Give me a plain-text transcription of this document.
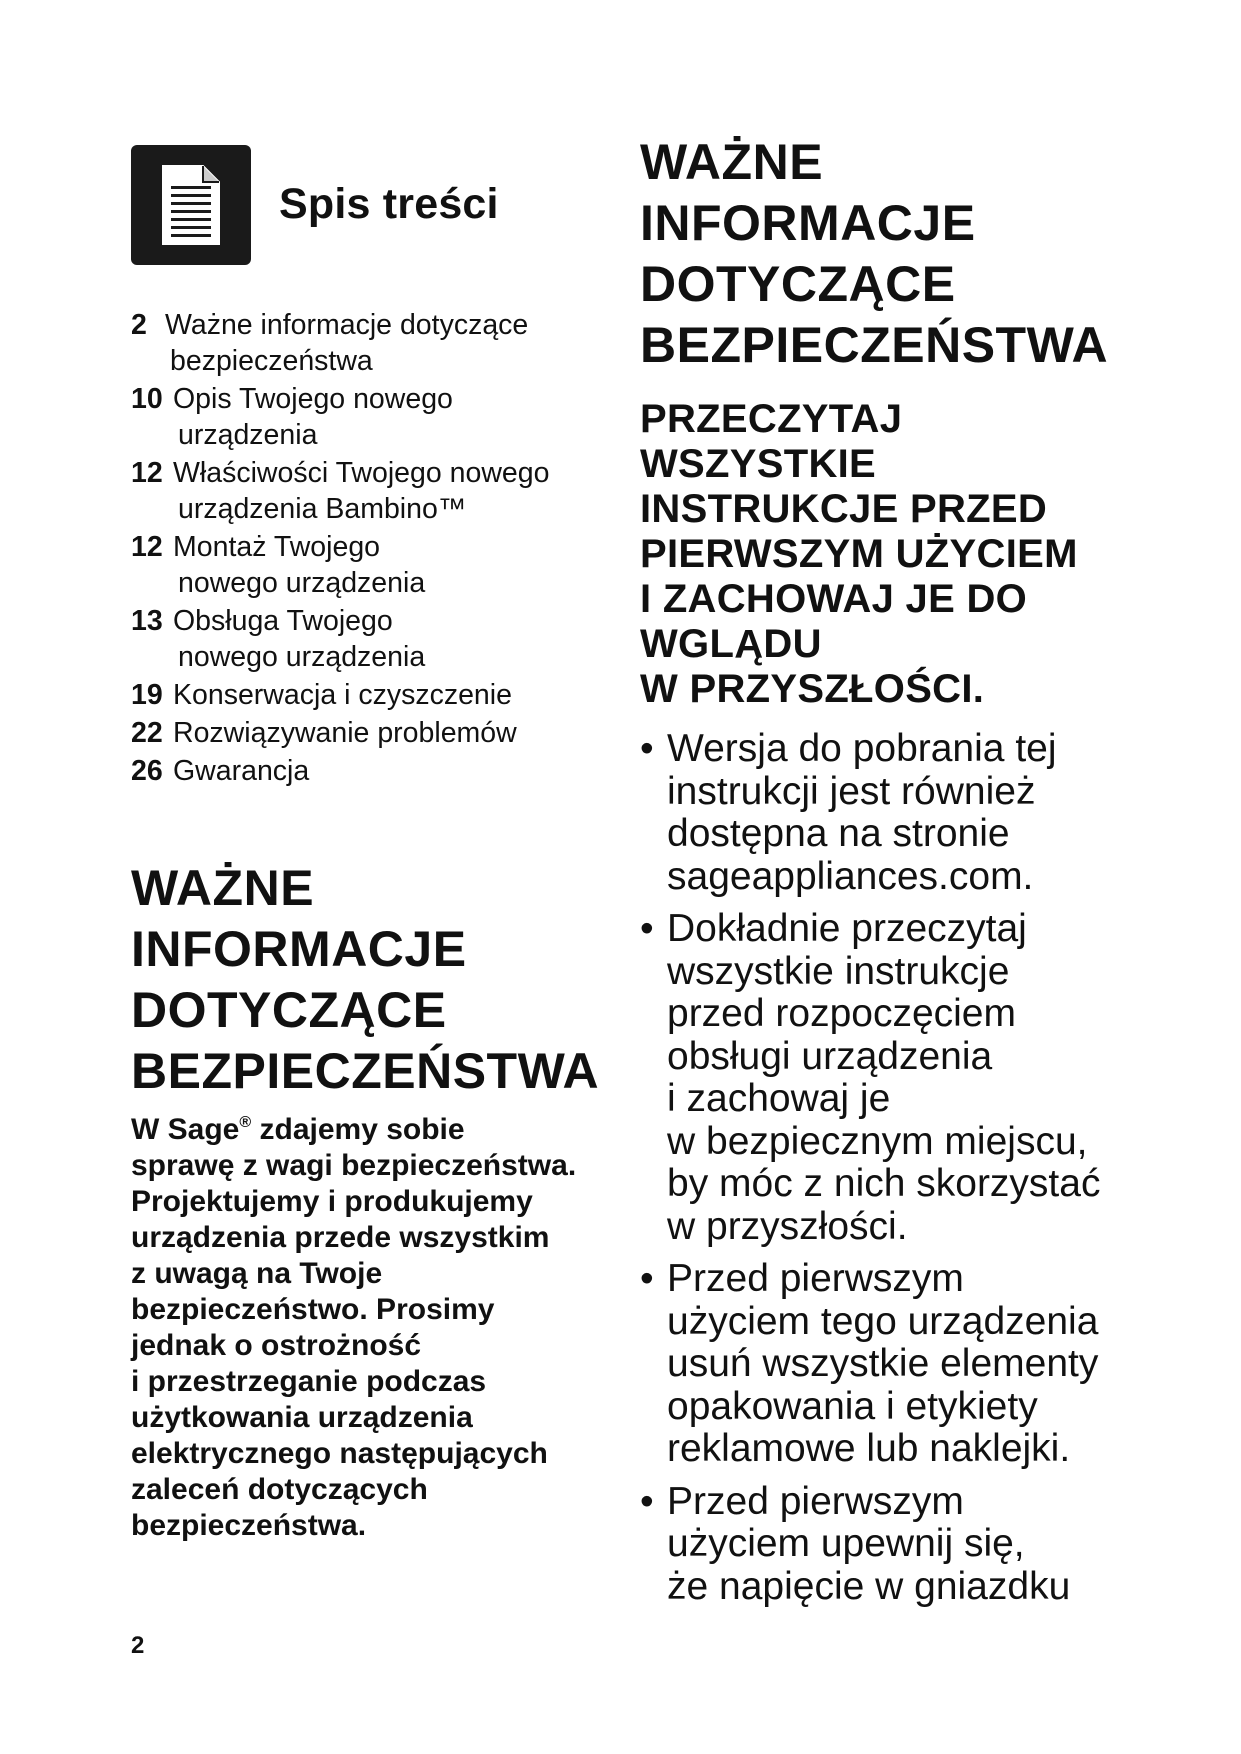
Spis treści
2 Ważne informacje dotyczące
bezpieczeństwa
10 Opis Twojego nowego
urządzenia
12 Właściwości Twojego nowego
urządzenia Bambino™
12 Montaż Twojego
nowego urządzenia
13 Obsługa Twojego
nowego urządzenia
19 Konserwacja i czyszczenie
22 Rozwiązywanie problemów
26 Gwarancja
WAŻNE
INFORMACJE
DOTYCZĄCE
BEZPIECZEŃSTWA

W Sage® zdajemy sobie
sprawę z wagi bezpieczeństwa.
Projektujemy i produkujemy
urządzenia przede wszystkim
z uwagą na Twoje
bezpieczeństwo. Prosimy
jednak o ostrożność
i przestrzeganie podczas
użytkowania urządzenia
elektrycznego następujących
zaleceń dotyczących
bezpieczeństwa.

2
WAŻNE
INFORMACJE
DOTYCZĄCE
BEZPIECZEŃSTWA
PRZECZYTAJ
WSZYSTKIE
INSTRUKCJE PRZED
PIERWSZYM UŻYCIEM
I ZACHOWAJ JE DO
WGLĄDU
W PRZYSZŁOŚCI.
• Wersja do pobrania tej
instrukcji jest również
dostępna na stronie
sageappliances.com.
• Dokładnie przeczytaj
wszystkie instrukcje
przed rozpoczęciem
obsługi urządzenia
i zachowaj je
w bezpiecznym miejscu,
by móc z nich skorzystać
w przyszłości.
• Przed pierwszym
użyciem tego urządzenia
usuń wszystkie elementy
opakowania i etykiety
reklamowe lub naklejki.
• Przed pierwszym
użyciem upewnij się,
że napięcie w gniazdku
